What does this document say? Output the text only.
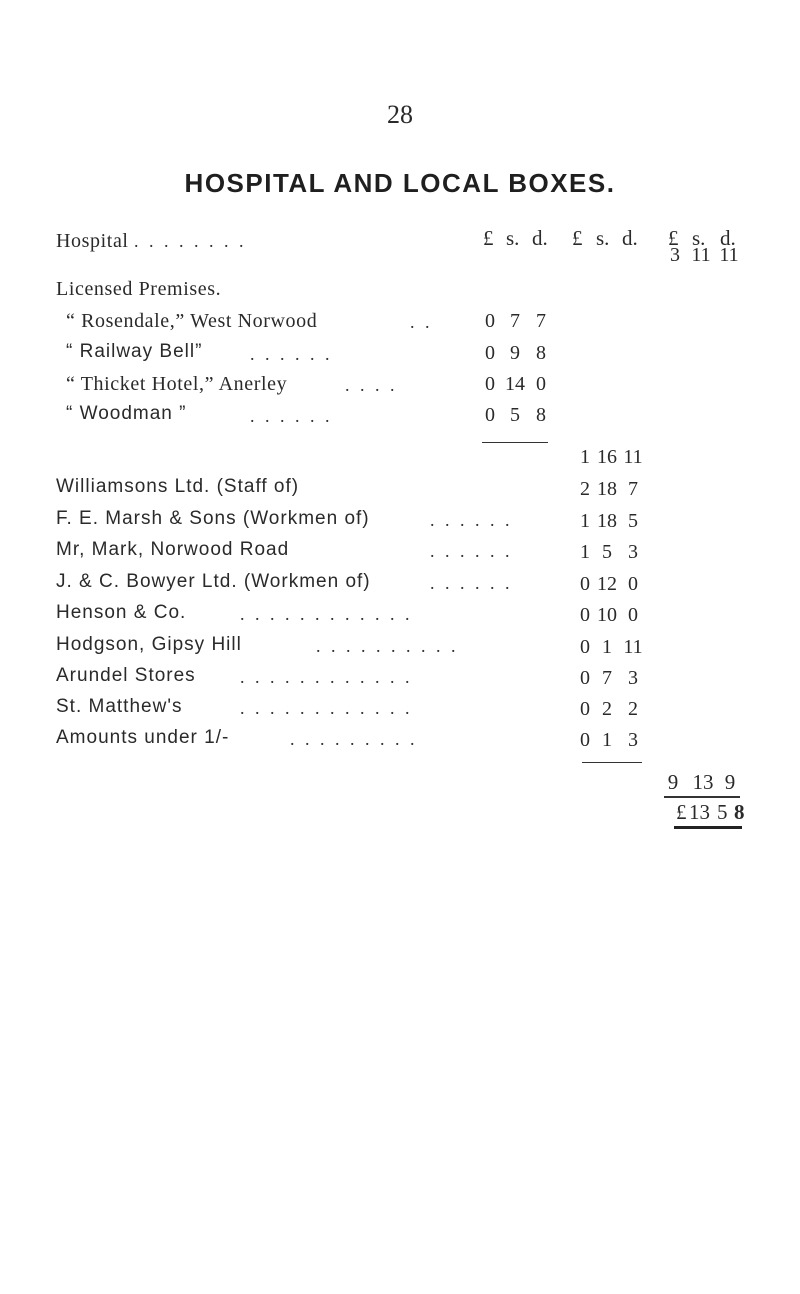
28
HOSPITAL AND LOCAL BOXES.
£ s. d. £ s. d. £ s. d.
Hospital . . . . . . . .
3 11 11
Licensed Premises.
“ Rosendale,” West Norwood	. .	0 7 7
“ Railway Bell”	. . . . . .	0 9 8
“ Thicket Hotel,” Anerley	. . . .	0 14 0
“ Woodman ”	. . . . . .	0 5 8
1 16 11
Williamsons Ltd. (Staff of)	2 18 7
F. E. Marsh & Sons (Workmen of)	. . . . . .	1 18 5
Mr, Mark, Norwood Road	. . . . . .	1 5 3
J. & C. Bowyer Ltd. (Workmen of)	. . . . . .	0 12 0
Henson & Co.	. . . . . . . . . . . .	0 10 0
Hodgson, Gipsy Hill	. . . . . . . . . .	0 1 11
Arundel Stores . . . . . . . . . . . .	0 7 3
St. Matthew's	. . . . . . . . . . . .	0 2 2
Amounts under 1/-	. . . . . . . . .	0 1 3
9 13 9
£ 13 5 8
